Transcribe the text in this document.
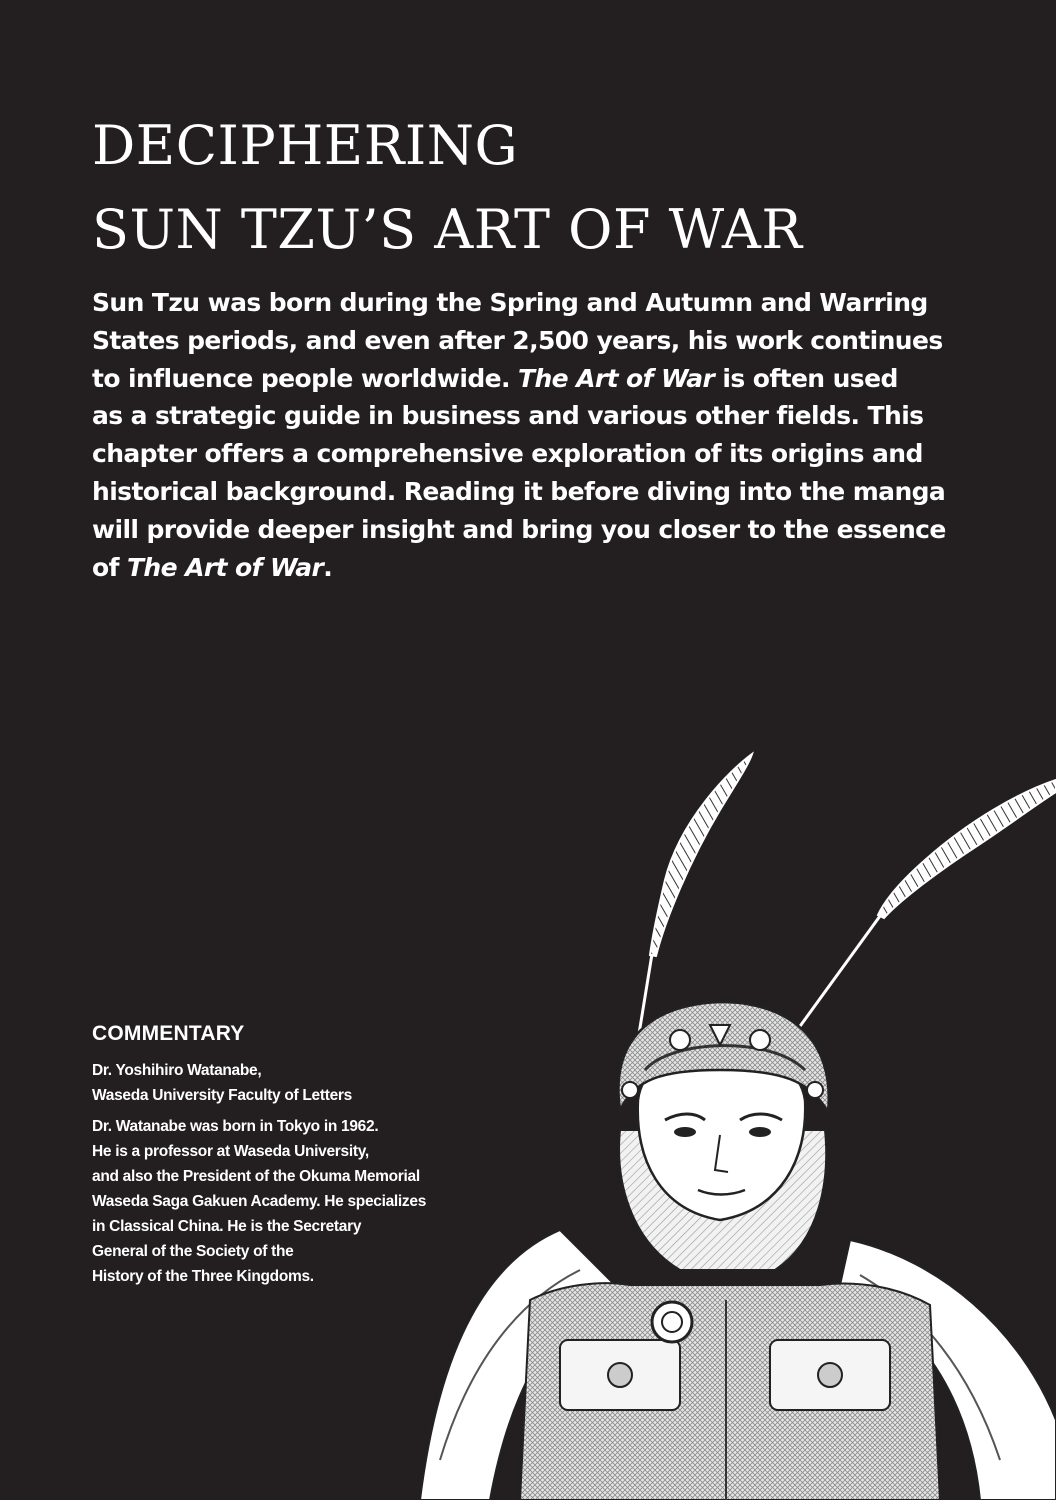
DECIPHERING
SUN TZU’S ART OF WAR

Sun Tzu was born during the Spring and Autumn and Warring
States periods, and even after 2,500 years, his work continues
to influence people worldwide. The Art of War is often used
as a strategic guide in business and various other fields. This
chapter offers a comprehensive exploration of its origins and
historical background. Reading it before diving into the manga
will provide deeper insight and bring you closer to the essence
of The Art of War.

COMMENTARY

Dr. Yoshihiro Watanabe,
Waseda University Faculty of Letters

Dr. Watanabe was born in Tokyo in 1962.
He is a professor at Waseda University,
and also the President of the Okuma Memorial
Waseda Saga Gakuen Academy. He specializes
in Classical China. He is the Secretary
General of the Society of the
History of the Three Kingdoms.
